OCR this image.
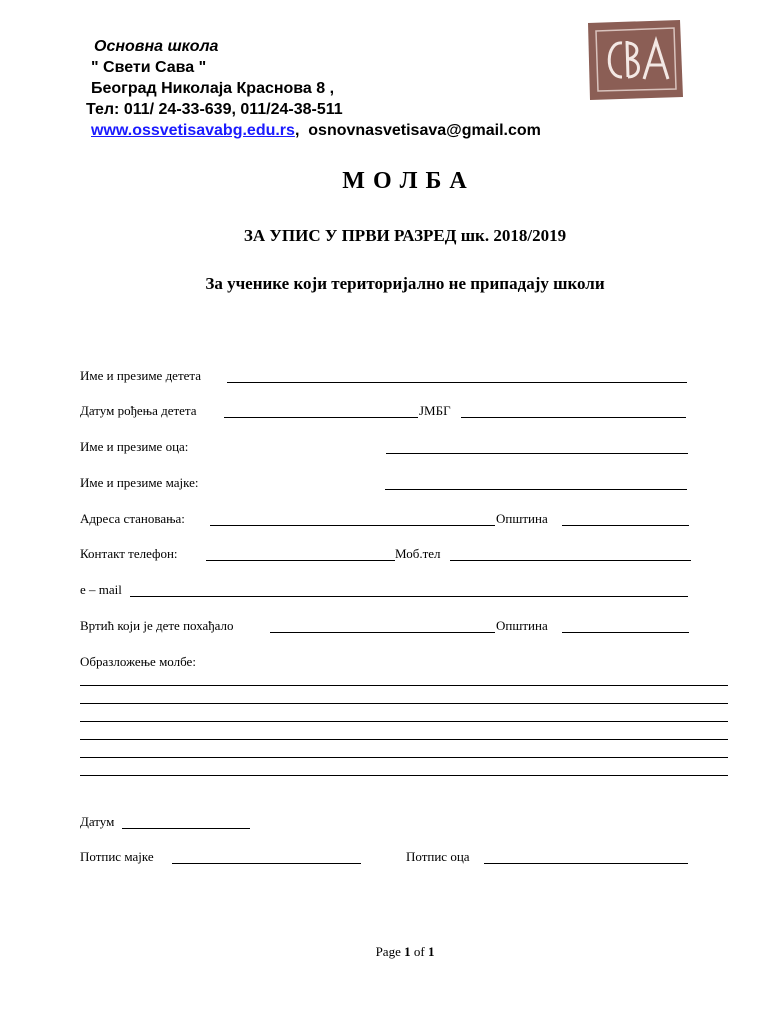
Основна школа
" Свети Сава "
Београд Николаја Краснова 8 ,
Тел: 011/ 24-33-639, 011/24-38-511
www.ossvetisavabg.edu.rs, osnovnasvetisava@gmail.com
М О Л Б А
ЗА УПИС У ПРВИ РАЗРЕД шк. 2018/2019
За ученике који територијално не припадају школи
Име и презиме детета
Датум рођења детета	ЈМБГ
Име и презиме оца:
Име и презиме мајке:
Адреса становања:	Општина
Контакт телефон:	Моб.тел
e – mail
Вртић који је дете похађало	Општина
Образложење молбе:
Датум
Потпис мајке	Потпис оца
Page 1 of 1
